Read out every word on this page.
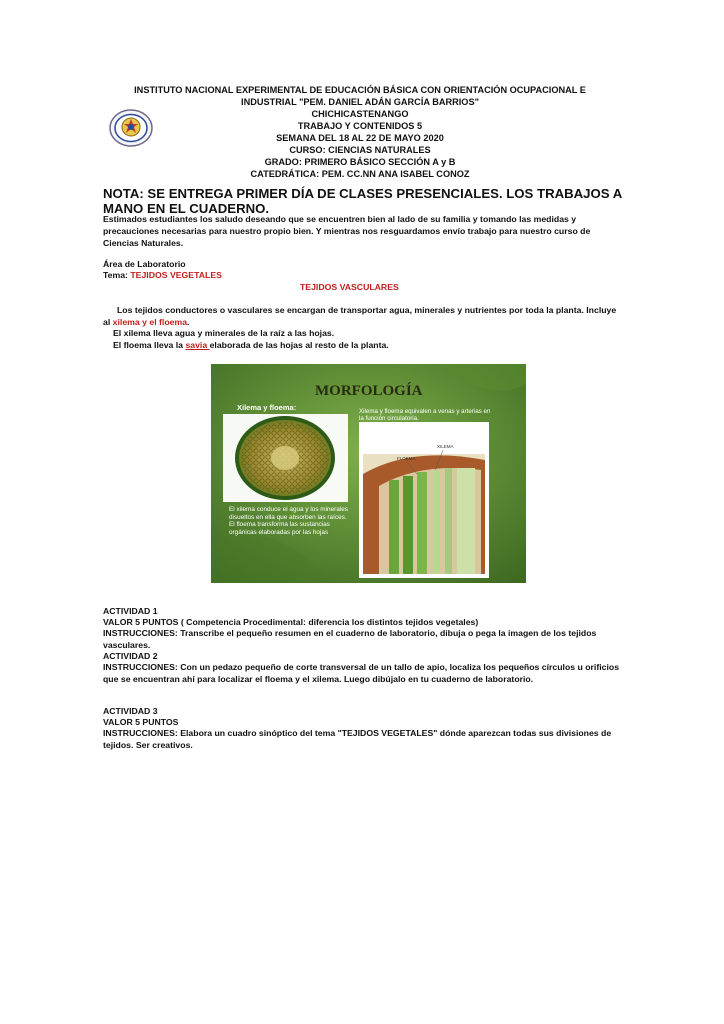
INSTITUTO NACIONAL EXPERIMENTAL DE EDUCACIÓN BÁSICA CON ORIENTACIÓN OCUPACIONAL E
INDUSTRIAL "PEM. DANIEL ADÁN GARCÍA BARRIOS"
CHICHICASTENANGO
TRABAJO Y CONTENIDOS 5
SEMANA DEL 18 AL 22 DE MAYO 2020
CURSO: CIENCIAS NATURALES
GRADO: PRIMERO BÁSICO SECCIÓN A y B
CATEDRÁTICA: PEM. CC.NN ANA ISABEL CONOZ
NOTA: SE ENTREGA PRIMER DÍA DE CLASES PRESENCIALES. LOS TRABAJOS A MANO EN EL CUADERNO.
Estimados estudiantes los saludo deseando que se encuentren bien al lado de su familia y tomando las medidas y precauciones necesarias para nuestro propio bien. Y mientras nos resguardamos envío trabajo para nuestro curso de Ciencias Naturales.
Área de Laboratorio
Tema: TEJIDOS VEGETALES
TEJIDOS VASCULARES
Los tejidos conductores o vasculares se encargan de transportar agua, minerales y nutrientes por toda la planta. Incluye al xilema y el floema.
El xilema lleva agua y minerales de la raíz a las hojas.
El floema lleva la savia elaborada de las hojas al resto de la planta.
MORFOLOGÍA
Xilema y floema:
XILEMA
FLOEMA
Xilema y floema equivalen a venas y arterias en la función circulatoria.
El xilema conduce el agua y los minerales disueltos en ella que absorben las raíces.
El floema transforma las sustancias orgánicas elaboradas por las hojas
ACTIVIDAD 1
VALOR 5 PUNTOS ( Competencia Procedimental: diferencia los distintos tejidos vegetales)
INSTRUCCIONES: Transcribe el pequeño resumen en el cuaderno de laboratorio, dibuja o pega la imagen de los tejidos vasculares.
ACTIVIDAD 2
INSTRUCCIONES: Con un pedazo pequeño de corte transversal de un tallo de apio, localiza los pequeños círculos u orificios que se encuentran ahí para localizar el floema y el xilema. Luego dibújalo en tu cuaderno de laboratorio.
ACTIVIDAD 3
VALOR 5 PUNTOS
INSTRUCCIONES: Elabora un cuadro sinóptico del tema "TEJIDOS VEGETALES" dónde aparezcan todas sus divisiones de tejidos. Ser creativos.
